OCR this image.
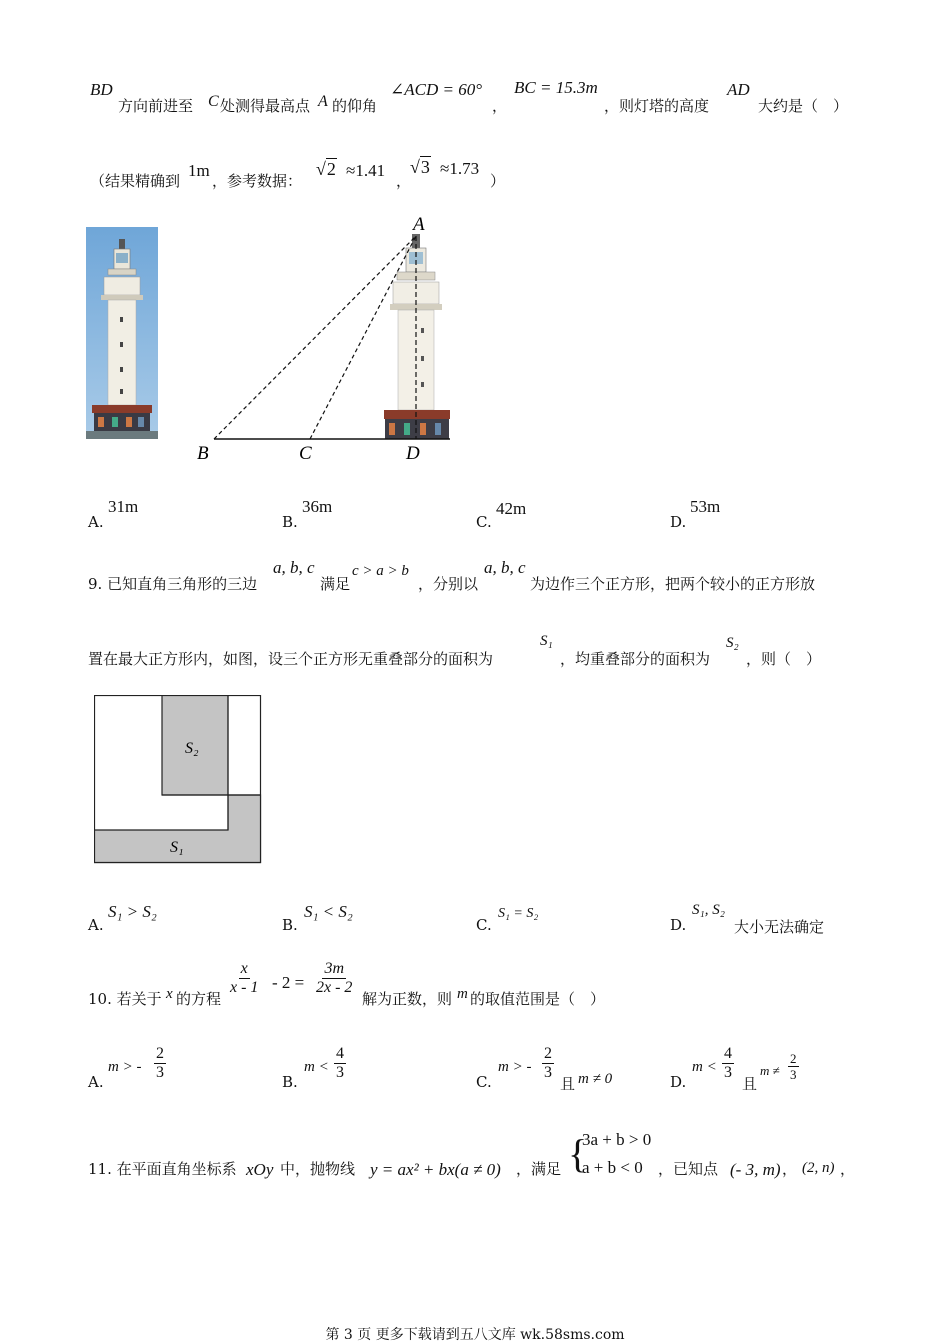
BD
方向前进至 C 处测得最高点 A 的仰角
∠ACD = 60°
，
BC = 15.3m
，则灯塔的高度
AD
大约是（　）
（结果精确到
1m
，参考数据：
√2 ≈1.41
，
√3 ≈1.73
）
A
B	C	D
A.
31m
B.
36m
C.
42m
D.
53m
9. 已知直角三角形的三边
a, b, c
满足
c > a > b
，分别以
a, b, c
为边作三个正方形，把两个较小的正方形放
置在最大正方形内，如图，设三个正方形无重叠部分的面积为
S₁
，均重叠部分的面积为
S₂
，则（　）
S₂
S₁
A.
S₁ > S₂
B.
S₁ < S₂
C.
S₁ = S₂
D.
S₁, S₂
大小无法确定
10. 若关于 x 的方程
$\frac{x}{x - 1} - 2 = \frac{3m}{2x - 2}$
解为正数，则 m 的取值范围是（　）
A.
m > - $\frac{2}{3}$	B.
$m < \frac{4}{3}$	C.
m > - $\frac{2}{3}$
且 m ≠ 0	D.
$m < \frac{4}{3}$
且
$m \ne \frac{2}{3}$
11. 在平面直角坐标系 xOy 中，抛物线 y = ax² + bx(a ≠ 0) ，满足 {
3a + b > 0
a + b < 0 ，已知点 (- 3, m) ， (2, n) ，
第 3 页 更多下载请到五八文库 wk.58sms.com
